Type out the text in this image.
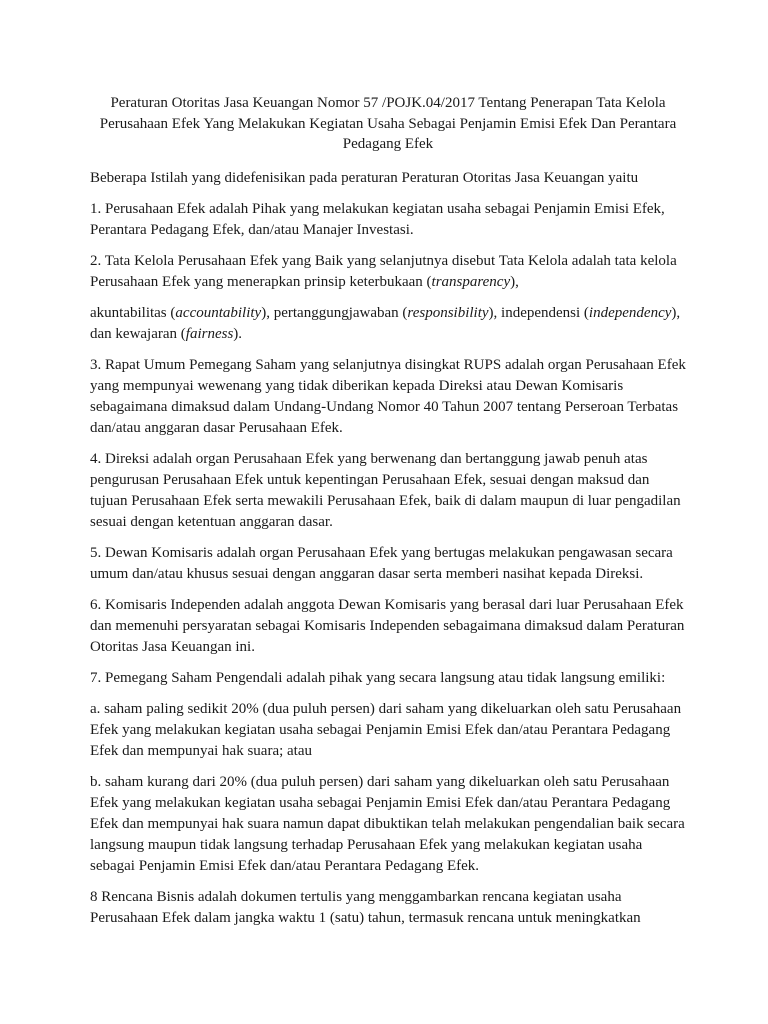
Peraturan Otoritas Jasa Keuangan Nomor 57 /POJK.04/2017 Tentang Penerapan Tata Kelola Perusahaan Efek Yang Melakukan Kegiatan Usaha Sebagai Penjamin Emisi Efek Dan Perantara Pedagang Efek

Beberapa Istilah yang didefenisikan pada peraturan Peraturan Otoritas Jasa Keuangan yaitu

1. Perusahaan Efek adalah Pihak yang melakukan kegiatan usaha sebagai Penjamin Emisi Efek, Perantara Pedagang Efek, dan/atau Manajer Investasi.

2. Tata Kelola Perusahaan Efek yang Baik yang selanjutnya disebut Tata Kelola adalah tata kelola Perusahaan Efek yang menerapkan prinsip keterbukaan (transparency),

akuntabilitas (accountability), pertanggungjawaban (responsibility), independensi (independency), dan kewajaran (fairness).

3. Rapat Umum Pemegang Saham yang selanjutnya disingkat RUPS adalah organ Perusahaan Efek yang mempunyai wewenang yang tidak diberikan kepada Direksi atau Dewan Komisaris sebagaimana dimaksud dalam Undang-Undang Nomor 40 Tahun 2007 tentang Perseroan Terbatas dan/atau anggaran dasar Perusahaan Efek.

4. Direksi adalah organ Perusahaan Efek yang berwenang dan bertanggung jawab penuh atas pengurusan Perusahaan Efek untuk kepentingan Perusahaan Efek, sesuai dengan maksud dan tujuan Perusahaan Efek serta mewakili Perusahaan Efek, baik di dalam maupun di luar pengadilan sesuai dengan ketentuan anggaran dasar.

5. Dewan Komisaris adalah organ Perusahaan Efek yang bertugas melakukan pengawasan secara umum dan/atau khusus sesuai dengan anggaran dasar serta memberi nasihat kepada Direksi.

6. Komisaris Independen adalah anggota Dewan Komisaris yang berasal dari luar Perusahaan Efek dan memenuhi persyaratan sebagai Komisaris Independen sebagaimana dimaksud dalam Peraturan Otoritas Jasa Keuangan ini.

7. Pemegang Saham Pengendali adalah pihak yang secara langsung atau tidak langsung emiliki:

a. saham paling sedikit 20% (dua puluh persen) dari saham yang dikeluarkan oleh satu Perusahaan Efek yang melakukan kegiatan usaha sebagai Penjamin Emisi Efek dan/atau Perantara Pedagang Efek dan mempunyai hak suara; atau

b. saham kurang dari 20% (dua puluh persen) dari saham yang dikeluarkan oleh satu Perusahaan Efek yang melakukan kegiatan usaha sebagai Penjamin Emisi Efek dan/atau Perantara Pedagang Efek dan mempunyai hak suara namun dapat dibuktikan telah melakukan pengendalian baik secara langsung maupun tidak langsung terhadap Perusahaan Efek yang melakukan kegiatan usaha sebagai Penjamin Emisi Efek dan/atau Perantara Pedagang Efek.

8 Rencana Bisnis adalah dokumen tertulis yang menggambarkan rencana kegiatan usaha Perusahaan Efek dalam jangka waktu 1 (satu) tahun, termasuk rencana untuk meningkatkan
